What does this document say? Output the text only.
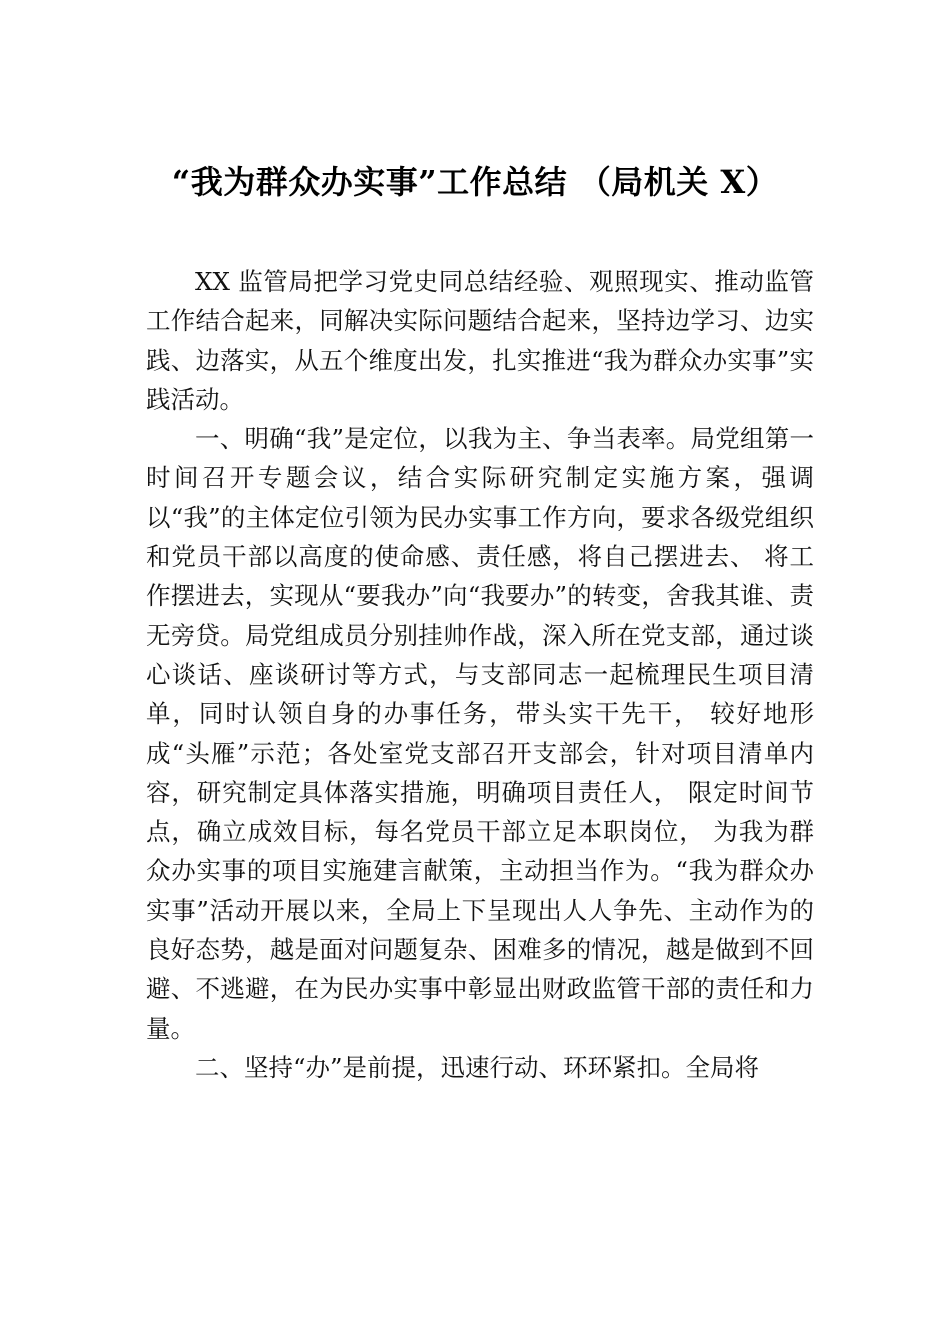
“我为群众办实事”工作总结 （局机关 X）

XX 监管局把学习党史同总结经验、观照现实、推动监管工作结合起来，同解决实际问题结合起来，坚持边学习、边实践、边落实，从五个维度出发，扎实推进“我为群众办实事”实践活动。

一、明确“我”是定位，以我为主、争当表率。局党组第一时间召开专题会议，结合实际研究制定实施方案，强调以“我”的主体定位引领为民办实事工作方向，要求各级党组织和党员干部以高度的使命感、责任感，将自己摆进去、 将工作摆进去，实现从“要我办”向“我要办”的转变，舍我其谁、责无旁贷。局党组成员分别挂帅作战，深入所在党支部，通过谈心谈话、座谈研讨等方式，与支部同志一起梳理民生项目清单，同时认领自身的办事任务，带头实干先干， 较好地形成“头雁”示范；各处室党支部召开支部会，针对项目清单内容，研究制定具体落实措施，明确项目责任人， 限定时间节点，确立成效目标，每名党员干部立足本职岗位， 为我为群众办实事的项目实施建言献策，主动担当作为。“我为群众办实事”活动开展以来，全局上下呈现出人人争先、主动作为的良好态势，越是面对问题复杂、困难多的情况，越是做到不回避、不逃避，在为民办实事中彰显出财政监管干部的责任和力量。

二、坚持“办”是前提，迅速行动、环环紧扣。全局将
